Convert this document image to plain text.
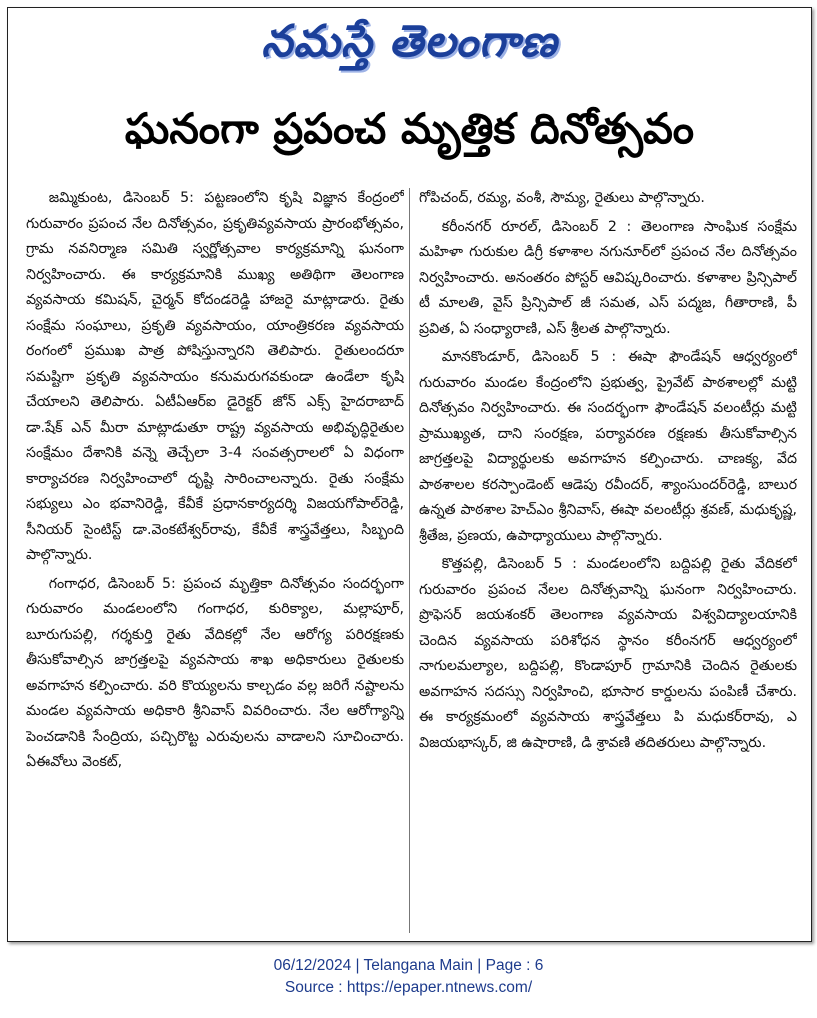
నమస్తే తెలంగాణ
ఘనంగా ప్రపంచ మృత్తిక దినోత్సవం

జమ్మికుంట, డిసెంబర్ 5: పట్టణంలోని కృషి విజ్ఞాన కేంద్రంలో గురువారం ప్రపంచ నేల దినోత్సవం, ప్రకృతివ్యవసాయ ప్రారంభోత్సవం, గ్రామ నవనిర్మాణ సమితి స్వర్ణోత్సవాల కార్యక్రమాన్ని ఘనంగా నిర్వహించారు. ఈ కార్యక్రమానికి ముఖ్య అతిథిగా తెలంగాణ వ్యవసాయ కమిషన్, చైర్మన్ కోదండరెడ్డి హాజరై మాట్లాడారు. రైతు సంక్షేమ సంఘాలు, ప్రకృతి వ్యవసాయం, యాంత్రికరణ వ్యవసాయ రంగంలో ప్రముఖ పాత్ర పోషిస్తున్నారని తెలిపారు. రైతులందరూ సమష్టిగా ప్రకృతి వ్యవసాయం కనుమరుగవకుండా ఉండేలా కృషి చేయాలని తెలిపారు. ఏటీఏఆర్ఐ డైరెక్టర్ జోన్ ఎక్స్ హైదరాబాద్ డా.షేక్ ఎన్ మీరా మాట్లాడుతూ రాష్ట్ర వ్యవసాయ అభివృద్ధిరైతుల సంక్షేమం దేశానికి వన్నె తెచ్చేలా 3-4 సంవత్సరాలలో ఏ విధంగా కార్యాచరణ నిర్వహించాలో దృష్టి సారించాలన్నారు. రైతు సంక్షేమ సభ్యులు ఎం భవానిరెడ్డి, కేవీకే ప్రధానకార్యదర్శి విజయగోపాల్‌రెడ్డి, సీనియర్ సైంటిస్ట్ డా.వెంకటేశ్వర్‌రావు, కేవీకే శాస్త్రవేత్తలు, సిబ్బంది పాల్గొన్నారు.

గంగాధర, డిసెంబర్ 5: ప్రపంచ మృత్తికా దినోత్సవం సందర్భంగా గురువారం మండలంలోని గంగాధర, కురిక్యాల, మల్లాపూర్, బూరుగుపల్లి, గర్శకుర్తి రైతు వేదికల్లో నేల ఆరోగ్య పరిరక్షణకు తీసుకోవాల్సిన జాగ్రత్తలపై వ్యవసాయ శాఖ అధికారులు రైతులకు అవగాహన కల్పించారు. వరి కొయ్యలను కాల్చడం వల్ల జరిగే నష్టాలను మండల వ్యవసాయ అధికారి శ్రీనివాస్ వివరించారు. నేల ఆరోగ్యాన్ని పెంచడానికి సేంద్రియ, పచ్చిరొట్ట ఎరువులను వాడాలని సూచించారు. ఏఈవోలు వెంకట్,

గోపిచంద్, రమ్య, వంశీ, సౌమ్య, రైతులు పాల్గొన్నారు.

కరీంనగర్ రూరల్, డిసెంబర్ 2 : తెలంగాణ సాంఘిక సంక్షేమ మహిళా గురుకుల డిగ్రీ కళాశాల నగునూర్‌లో ప్రపంచ నేల దినోత్సవం నిర్వహించారు. అనంతరం పోస్టర్ ఆవిష్కరించారు. కళాశాల ప్రిన్సిపాల్ టీ మాలతి, వైస్ ప్రిన్సిపాల్ జీ సమత, ఎస్ పద్మజ, గీతారాణి, పీ ప్రవిత, ఏ సంధ్యారాణి, ఎస్ శ్రీలత పాల్గొన్నారు.

మానకొండూర్, డిసెంబర్ 5 : ఈషా ఫౌండేషన్ ఆధ్వర్యంలో గురువారం మండల కేంద్రంలోని ప్రభుత్వ, ప్రైవేట్ పాఠశాలల్లో మట్టి దినోత్సవం నిర్వహించారు. ఈ సందర్భంగా ఫౌండేషన్ వలంటీర్లు మట్టి ప్రాముఖ్యత, దాని సంరక్షణ, పర్యావరణ రక్షణకు తీసుకోవాల్సిన జాగ్రత్తలపై విద్యార్థులకు అవగాహన కల్పించారు. చాణక్య, వేద పాఠశాలల కరస్పాండెంట్ ఆడెపు రవీందర్, శ్యాంసుందర్‌రెడ్డి, బాలుర ఉన్నత పాఠశాల హెచ్‌ఎం శ్రీనివాస్, ఈషా వలంటీర్లు శ్రవణ్, మధుకృష్ణ, శ్రీతేజ, ప్రణయ, ఉపాధ్యాయులు పాల్గొన్నారు.

కొత్తపల్లి, డిసెంబర్ 5 : మండలంలోని బద్దిపల్లి రైతు వేదికలో గురువారం ప్రపంచ నేలల దినోత్సవాన్ని ఘనంగా నిర్వహించారు. ప్రొఫెసర్ జయశంకర్ తెలంగాణ వ్యవసాయ విశ్వవిద్యాలయానికి చెందిన వ్యవసాయ పరిశోధన స్థానం కరీంనగర్ ఆధ్వర్యంలో నాగులమల్యాల, బద్దిపల్లి, కొండాపూర్ గ్రామానికి చెందిన రైతులకు అవగాహన సదస్సు నిర్వహించి, భూసార కార్డులను పంపిణీ చేశారు. ఈ కార్యక్రమంలో వ్యవసాయ శాస్త్రవేత్తలు పి మధుకర్‌రావు, ఎ విజయభాస్కర్, జి ఉషారాణి, డి శ్రావణి తదితరులు పాల్గొన్నారు.

06/12/2024 | Telangana Main | Page : 6
Source : https://epaper.ntnews.com/
